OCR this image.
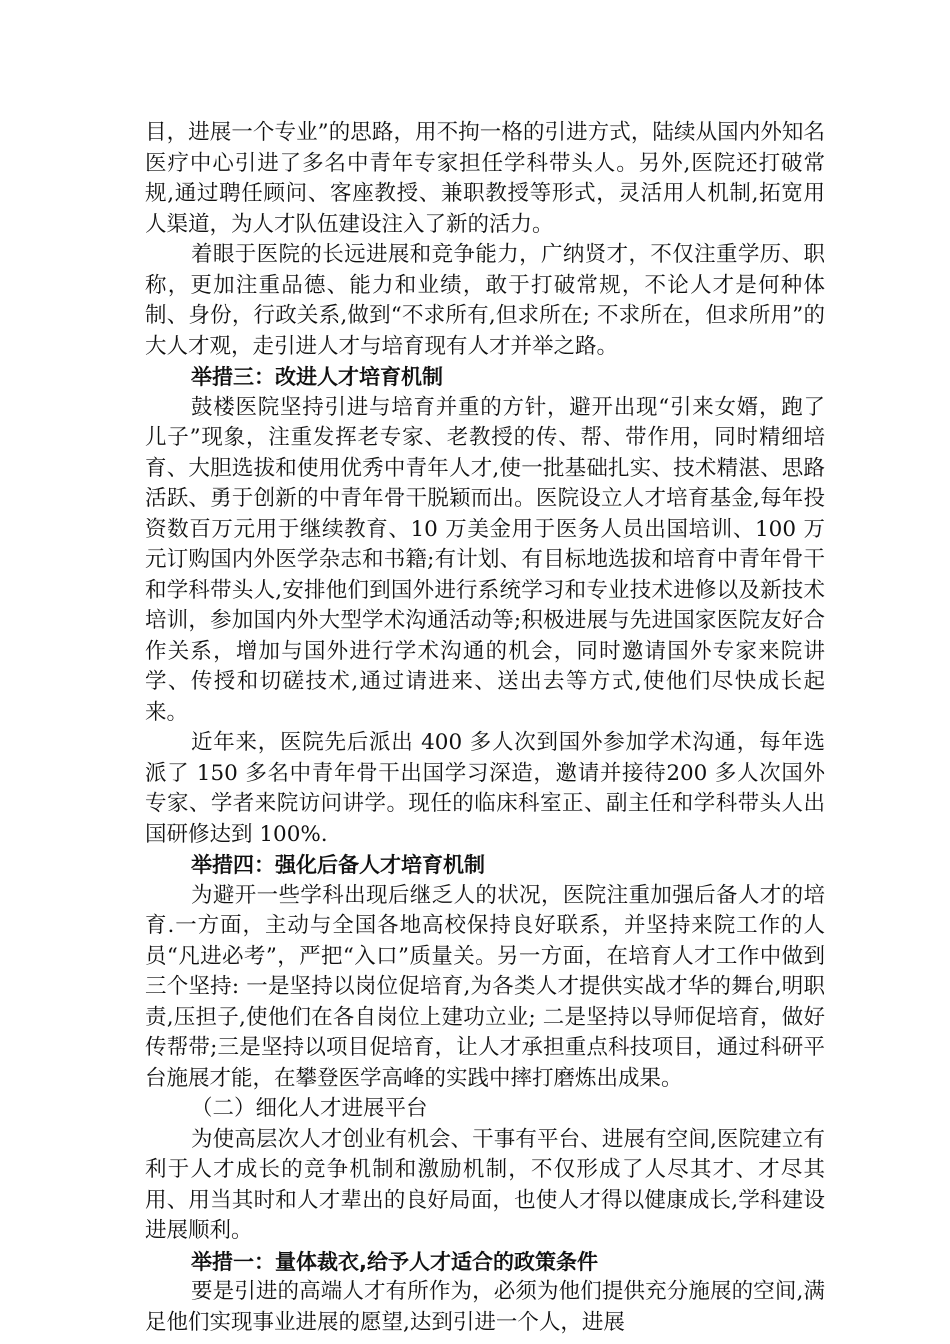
目，进展一个专业”的思路，用不拘一格的引进方式，陆续从国内外知名医疗中心引进了多名中青年专家担任学科带头人。另外,医院还打破常规,通过聘任顾问、客座教授、兼职教授等形式，灵活用人机制,拓宽用人渠道，为人才队伍建设注入了新的活力。

着眼于医院的长远进展和竞争能力，广纳贤才，不仅注重学历、职称，更加注重品德、能力和业绩，敢于打破常规，不论人才是何种体制、身份，行政关系,做到“不求所有,但求所在; 不求所在，但求所用”的大人才观，走引进人才与培育现有人才并举之路。

举措三：改进人才培育机制

鼓楼医院坚持引进与培育并重的方针，避开出现“引来女婿，跑了儿子”现象，注重发挥老专家、老教授的传、帮、带作用，同时精细培育、大胆选拔和使用优秀中青年人才,使一批基础扎实、技术精湛、思路活跃、勇于创新的中青年骨干脱颖而出。医院设立人才培育基金,每年投资数百万元用于继续教育、10 万美金用于医务人员出国培训、100 万元订购国内外医学杂志和书籍;有计划、有目标地选拔和培育中青年骨干和学科带头人,安排他们到国外进行系统学习和专业技术进修以及新技术培训，参加国内外大型学术沟通活动等;积极进展与先进国家医院友好合作关系，增加与国外进行学术沟通的机会，同时邀请国外专家来院讲学、传授和切磋技术,通过请进来、送出去等方式,使他们尽快成长起来。

近年来，医院先后派出 400 多人次到国外参加学术沟通，每年选派了 150 多名中青年骨干出国学习深造，邀请并接待200 多人次国外专家、学者来院访问讲学。现任的临床科室正、副主任和学科带头人出国研修达到 100%.

举措四：强化后备人才培育机制

为避开一些学科出现后继乏人的状况，医院注重加强后备人才的培育.一方面，主动与全国各地高校保持良好联系，并坚持来院工作的人员“凡进必考”，严把“入口”质量关。另一方面，在培育人才工作中做到三个坚持: 一是坚持以岗位促培育,为各类人才提供实战才华的舞台,明职责,压担子,使他们在各自岗位上建功立业; 二是坚持以导师促培育，做好传帮带;三是坚持以项目促培育，让人才承担重点科技项目，通过科研平台施展才能，在攀登医学高峰的实践中摔打磨炼出成果。

（二）细化人才进展平台

为使高层次人才创业有机会、干事有平台、进展有空间,医院建立有利于人才成长的竞争机制和激励机制，不仅形成了人尽其才、才尽其用、用当其时和人才辈出的良好局面，也使人才得以健康成长,学科建设进展顺利。

举措一：量体裁衣,给予人才适合的政策条件

要是引进的高端人才有所作为，必须为他们提供充分施展的空间,满足他们实现事业进展的愿望,达到引进一个人，进展
